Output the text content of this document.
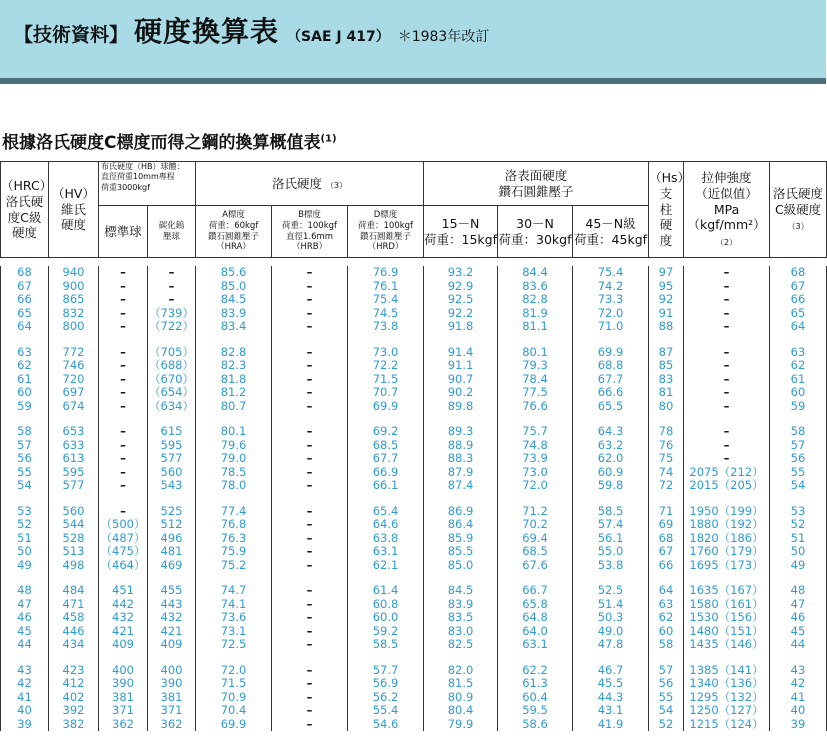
【技術資料】 硬度換算表 （SAE J 417） ＊1983年改訂
根據洛氏硬度C標度而得之鋼的換算概值表$^{(1)}$
（HRC）
洛氏硬
度C級
硬度	（HV）
維氏
硬度	布氏硬度（HB）球體：
直徑荷重10mm專程
荷重3000kgf		洛氏硬度 （3）			洛表面硬度
鑽石圓錐壓子			（Hs）
支
柱
硬
度	拉伸強度
（近似值）
MPa
（kgf/mm²）
（2）	洛氏硬度
C級硬度
（3）
		標準球	碳化鎢
壓球	A標度
荷重：60kgf
鑽石圓錐壓子
（HRA）	B標度
荷重：100kgf
直徑1.6mm
（HRB）	D標度
荷重：100kgf
鑽石圓錐壓子
（HRD）	15－N
荷重：15kgf	30－N
荷重：30kgf	45－N級
荷重：45kgf			
68	940	–	–	85.6	–	76.9	93.2	84.4	75.4	97	–	68
67	900	–	–	85.0	–	76.1	92.9	83.6	74.2	95	–	67
66	865	–	–	84.5	–	75.4	92.5	82.8	73.3	92	–	66
65	832	–	（739）	83.9	–	74.5	92.2	81.9	72.0	91	–	65
64	800	–	（722）	83.4	–	73.8	91.8	81.1	71.0	88	–	64

63	772	–	（705）	82.8	–	73.0	91.4	80.1	69.9	87	–	63
62	746	–	（688）	82.3	–	72.2	91.1	79.3	68.8	85	–	62
61	720	–	（670）	81.8	–	71.5	90.7	78.4	67.7	83	–	61
60	697	–	（654）	81.2	–	70.7	90.2	77.5	66.6	81	–	60
59	674	–	（634）	80.7	–	69.9	89.8	76.6	65.5	80	–	59

58	653	–	615	80.1	–	69.2	89.3	75.7	64.3	78	–	58
57	633	–	595	79.6	–	68.5	88.9	74.8	63.2	76	–	57
56	613	–	577	79.0	–	67.7	88.3	73.9	62.0	75	–	56
55	595	–	560	78.5	–	66.9	87.9	73.0	60.9	74	2075（212）	55
54	577	–	543	78.0	–	66.1	87.4	72.0	59.8	72	2015（205）	54

53	560	–	525	77.4	–	65.4	86.9	71.2	58.5	71	1950（199）	53
52	544	（500）	512	76.8	–	64.6	86.4	70.2	57.4	69	1880（192）	52
51	528	（487）	496	76.3	–	63.8	85.9	69.4	56.1	68	1820（186）	51
50	513	（475）	481	75.9	–	63.1	85.5	68.5	55.0	67	1760（179）	50
49	498	（464）	469	75.2	–	62.1	85.0	67.6	53.8	66	1695（173）	49

48	484	451	455	74.7	–	61.4	84.5	66.7	52.5	64	1635（167）	48
47	471	442	443	74.1	–	60.8	83.9	65.8	51.4	63	1580（161）	47
46	458	432	432	73.6	–	60.0	83.5	64.8	50.3	62	1530（156）	46
45	446	421	421	73.1	–	59.2	83.0	64.0	49.0	60	1480（151）	45
44	434	409	409	72.5	–	58.5	82.5	63.1	47.8	58	1435（146）	44

43	423	400	400	72.0	–	57.7	82.0	62.2	46.7	57	1385（141）	43
42	412	390	390	71.5	–	56.9	81.5	61.3	45.5	56	1340（136）	42
41	402	381	381	70.9	–	56.2	80.9	60.4	44.3	55	1295（132）	41
40	392	371	371	70.4	–	55.4	80.4	59.5	43.1	54	1250（127）	40
39	382	362	362	69.9	–	54.6	79.9	58.6	41.9	52	1215（124）	39
